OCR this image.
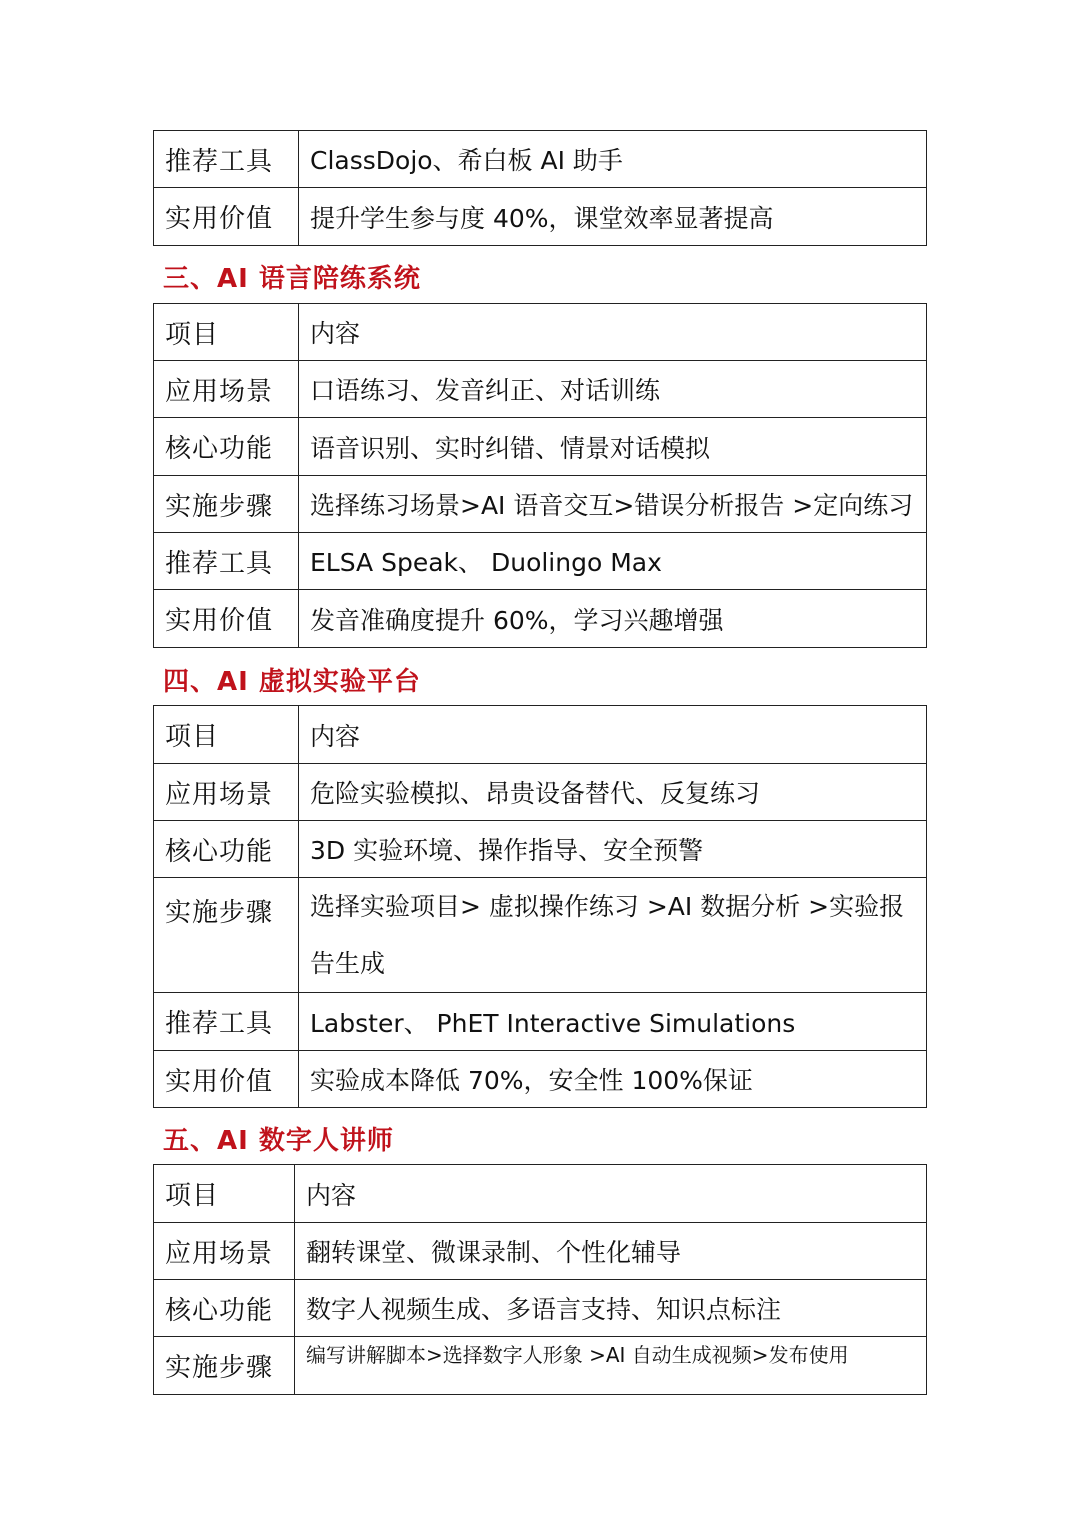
推荐工具	ClassDojo、希白板 AI 助手
实用价值	提升学生参与度 40%，课堂效率显著提高
三、AI 语言陪练系统
项目	内容
应用场景	口语练习、发音纠正、对话训练
核心功能	语音识别、实时纠错、情景对话模拟
实施步骤	选择练习场景>AI 语音交互>错误分析报告 >定向练习
推荐工具	ELSA Speak、 Duolingo Max
实用价值	发音准确度提升 60%，学习兴趣增强
四、AI 虚拟实验平台
项目	内容
应用场景	危险实验模拟、昂贵设备替代、反复练习
核心功能	3D 实验环境、操作指导、安全预警
实施步骤	选择实验项目> 虚拟操作练习 >AI 数据分析 >实验报告生成
推荐工具	Labster、 PhET Interactive Simulations
实用价值	实验成本降低 70%，安全性 100%保证
五、AI 数字人讲师
项目	内容
应用场景	翻转课堂、微课录制、个性化辅导
核心功能	数字人视频生成、多语言支持、知识点标注
实施步骤	编写讲解脚本>选择数字人形象 >AI 自动生成视频>发布使用
